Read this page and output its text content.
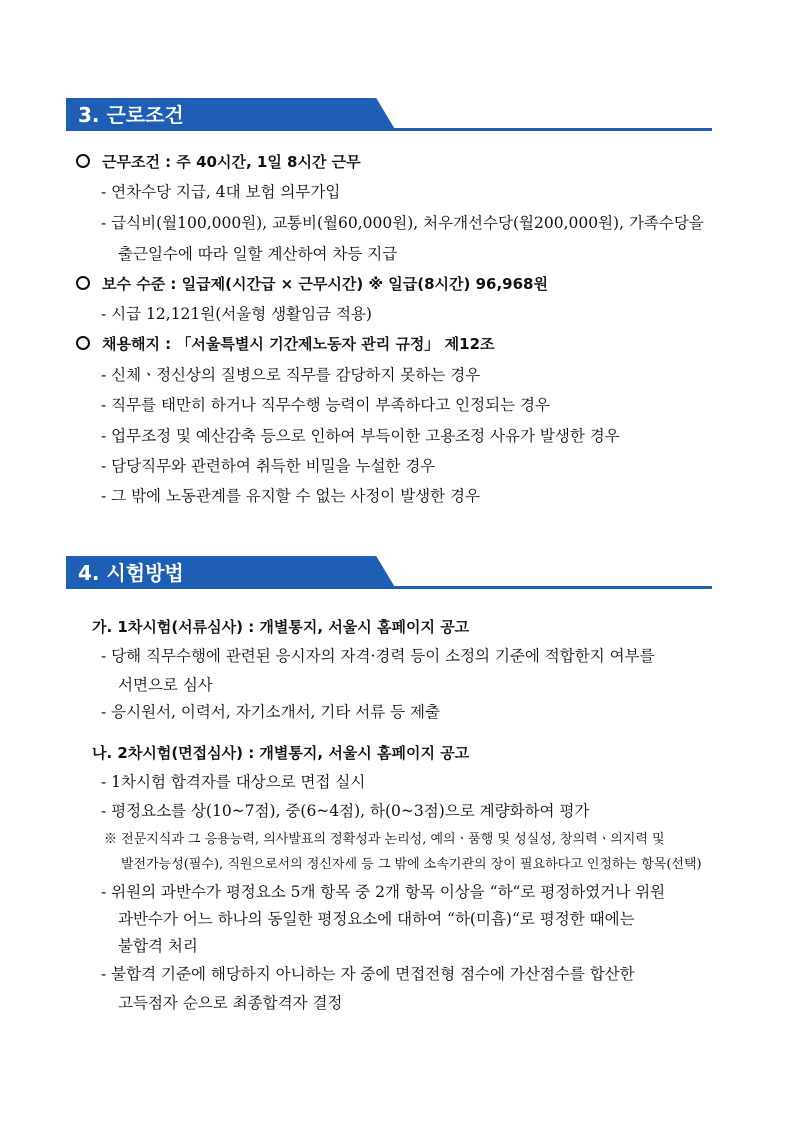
3. 근로조건
근무조건 : 주 40시간, 1일 8시간 근무
- 연차수당 지급, 4대 보험 의무가입
- 급식비(월100,000원), 교통비(월60,000원), 처우개선수당(월200,000원), 가족수당을
출근일수에 따라 일할 계산하여 차등 지급
보수 수준 : 일급제(시간급 × 근무시간) ※ 일급(8시간) 96,968원
- 시급 12,121원(서울형 생활임금 적용)
채용해지 : 「서울특별시 기간제노동자 관리 규정」 제12조
- 신체ㆍ정신상의 질병으로 직무를 감당하지 못하는 경우
- 직무를 태만히 하거나 직무수행 능력이 부족하다고 인정되는 경우
- 업무조정 및 예산감축 등으로 인하여 부득이한 고용조정 사유가 발생한 경우
- 담당직무와 관련하여 취득한 비밀을 누설한 경우
- 그 밖에 노동관계를 유지할 수 없는 사정이 발생한 경우
4. 시험방법
가. 1차시험(서류심사) : 개별통지, 서울시 홈페이지 공고
- 당해 직무수행에 관련된 응시자의 자격·경력 등이 소정의 기준에 적합한지 여부를
서면으로 심사
- 응시원서, 이력서, 자기소개서, 기타 서류 등 제출
나. 2차시험(면접심사) : 개별통지, 서울시 홈페이지 공고
- 1차시험 합격자를 대상으로 면접 실시
- 평정요소를 상(10~7점), 중(6~4점), 하(0~3점)으로 계량화하여 평가
※ 전문지식과 그 응용능력, 의사발표의 정확성과 논리성, 예의ㆍ품행 및 성실성, 창의력ㆍ의지력 및
발전가능성(필수), 직원으로서의 정신자세 등 그 밖에 소속기관의 장이 필요하다고 인정하는 항목(선택)
- 위원의 과반수가 평정요소 5개 항목 중 2개 항목 이상을 “하“로 평정하였거나 위원
과반수가 어느 하나의 동일한 평정요소에 대하여 “하(미흡)“로 평정한 때에는
불합격 처리
- 불합격 기준에 해당하지 아니하는 자 중에 면접전형 점수에 가산점수를 합산한
고득점자 순으로 최종합격자 결정
